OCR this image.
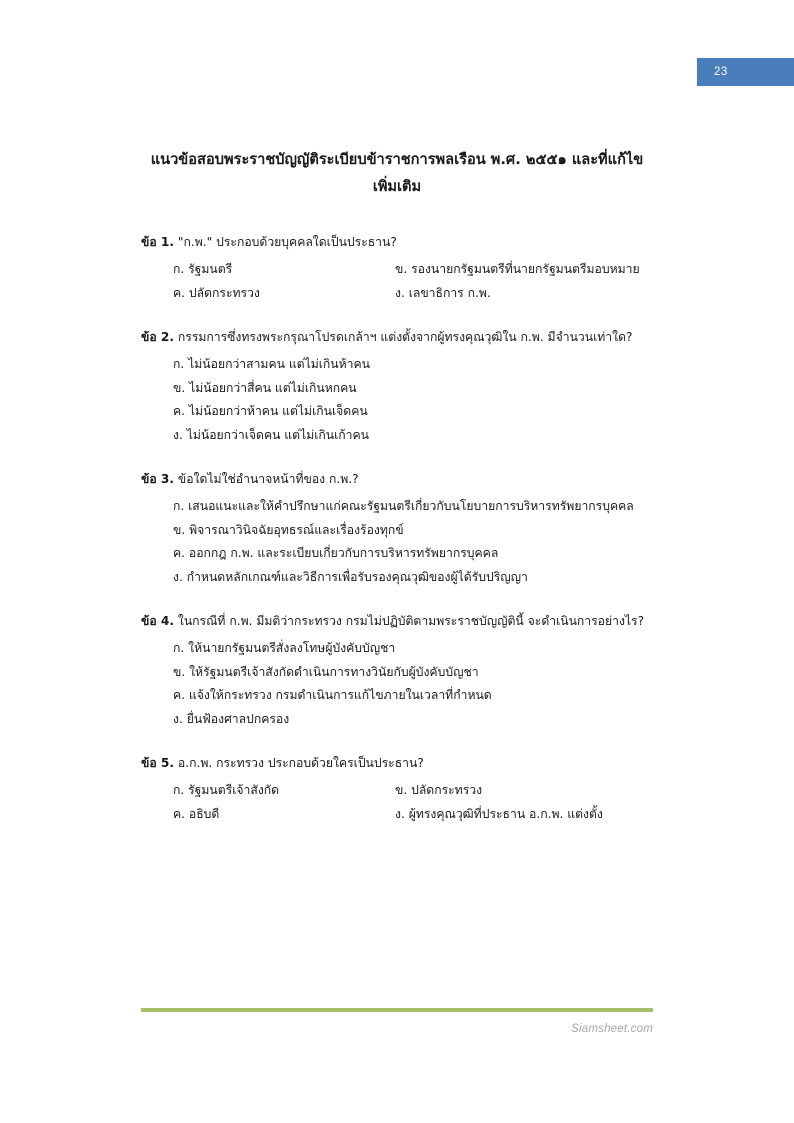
23
แนวข้อสอบพระราชบัญญัติระเบียบข้าราชการพลเรือน พ.ศ. ๒๕๕๑ และที่แก้ไข
เพิ่มเติม
ข้อ 1. "ก.พ." ประกอบด้วยบุคคลใดเป็นประธาน?
ก. รัฐมนตรี	ข. รองนายกรัฐมนตรีที่นายกรัฐมนตรีมอบหมาย
ค. ปลัดกระทรวง	ง. เลขาธิการ ก.พ.
ข้อ 2. กรรมการซึ่งทรงพระกรุณาโปรดเกล้าฯ แต่งตั้งจากผู้ทรงคุณวุฒิใน ก.พ. มีจำนวนเท่าใด?
ก. ไม่น้อยกว่าสามคน แต่ไม่เกินห้าคน
ข. ไม่น้อยกว่าสี่คน แต่ไม่เกินหกคน
ค. ไม่น้อยกว่าห้าคน แต่ไม่เกินเจ็ดคน
ง. ไม่น้อยกว่าเจ็ดคน แต่ไม่เกินเก้าคน
ข้อ 3. ข้อใดไม่ใช่อำนาจหน้าที่ของ ก.พ.?
ก. เสนอแนะและให้คำปรึกษาแก่คณะรัฐมนตรีเกี่ยวกับนโยบายการบริหารทรัพยากรบุคคล
ข. พิจารณาวินิจฉัยอุทธรณ์และเรื่องร้องทุกข์
ค. ออกกฎ ก.พ. และระเบียบเกี่ยวกับการบริหารทรัพยากรบุคคล
ง. กำหนดหลักเกณฑ์และวิธีการเพื่อรับรองคุณวุฒิของผู้ได้รับปริญญา
ข้อ 4. ในกรณีที่ ก.พ. มีมติว่ากระทรวง กรมไม่ปฏิบัติตามพระราชบัญญัตินี้ จะดำเนินการอย่างไร?
ก. ให้นายกรัฐมนตรีสั่งลงโทษผู้บังคับบัญชา
ข. ให้รัฐมนตรีเจ้าสังกัดดำเนินการทางวินัยกับผู้บังคับบัญชา
ค. แจ้งให้กระทรวง กรมดำเนินการแก้ไขภายในเวลาที่กำหนด
ง. ยื่นฟ้องศาลปกครอง
ข้อ 5. อ.ก.พ. กระทรวง ประกอบด้วยใครเป็นประธาน?
ก. รัฐมนตรีเจ้าสังกัด	ข. ปลัดกระทรวง
ค. อธิบดี	ง. ผู้ทรงคุณวุฒิที่ประธาน อ.ก.พ. แต่งตั้ง
Siamsheet.com
